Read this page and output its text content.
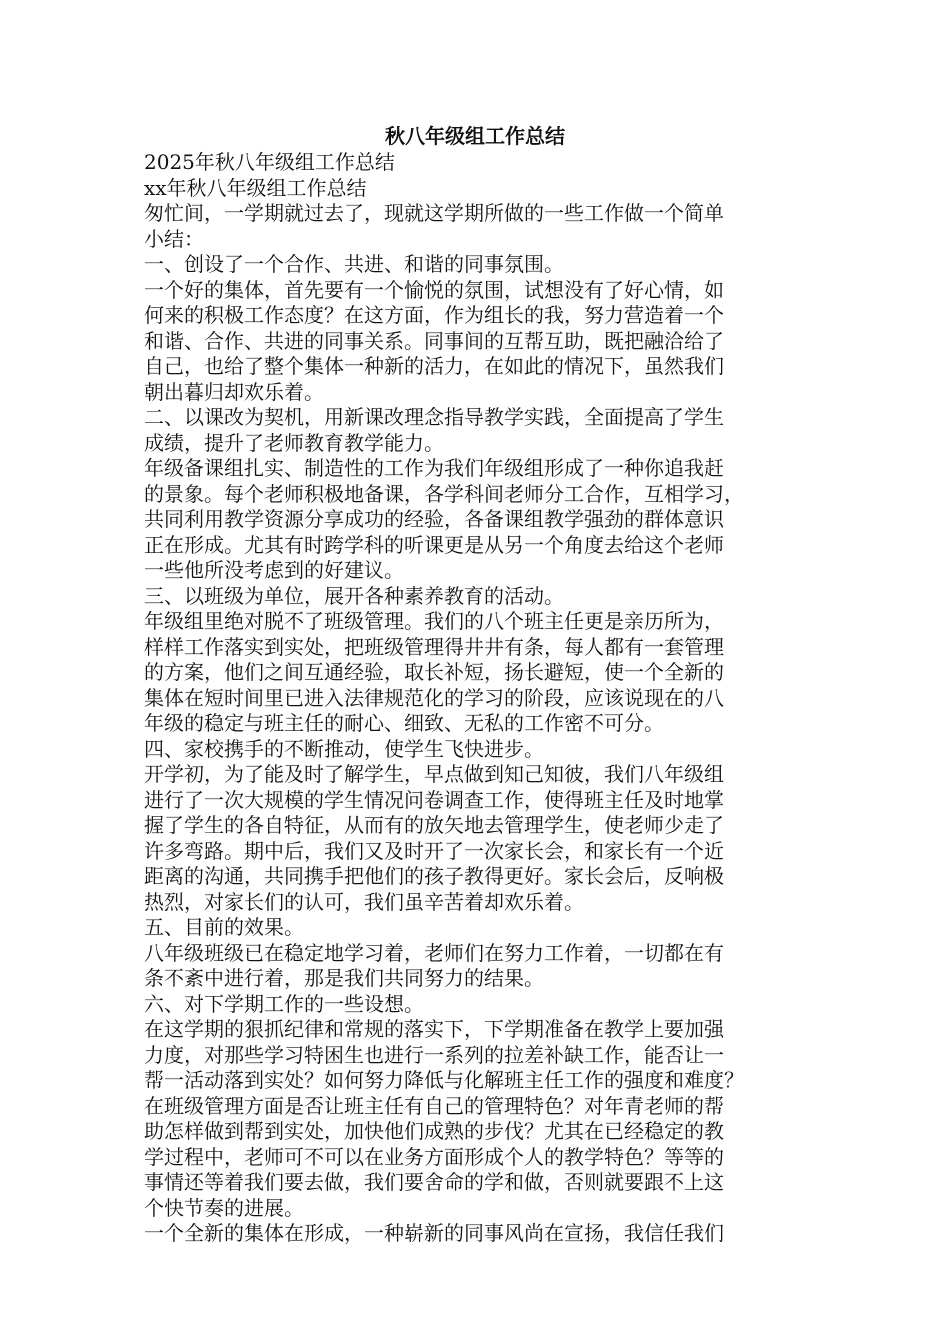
秋八年级组工作总结
2025年秋八年级组工作总结
xx年秋八年级组工作总结
匆忙间，一学期就过去了，现就这学期所做的一些工作做一个简单
小结：
一、创设了一个合作、共进、和谐的同事氛围。
一个好的集体，首先要有一个愉悦的氛围，试想没有了好心情，如
何来的积极工作态度？在这方面，作为组长的我，努力营造着一个
和谐、合作、共进的同事关系。同事间的互帮互助，既把融洽给了
自己，也给了整个集体一种新的活力，在如此的情况下，虽然我们
朝出暮归却欢乐着。
二、以课改为契机，用新课改理念指导教学实践，全面提高了学生
成绩，提升了老师教育教学能力。
年级备课组扎实、制造性的工作为我们年级组形成了一种你追我赶
的景象。每个老师积极地备课，各学科间老师分工合作，互相学习，
共同利用教学资源分享成功的经验，各备课组教学强劲的群体意识
正在形成。尤其有时跨学科的听课更是从另一个角度去给这个老师
一些他所没考虑到的好建议。
三、以班级为单位，展开各种素养教育的活动。
年级组里绝对脱不了班级管理。我们的八个班主任更是亲历所为，
样样工作落实到实处，把班级管理得井井有条，每人都有一套管理
的方案，他们之间互通经验，取长补短，扬长避短，使一个全新的
集体在短时间里已进入法律规范化的学习的阶段，应该说现在的八
年级的稳定与班主任的耐心、细致、无私的工作密不可分。
四、家校携手的不断推动，使学生飞快进步。
开学初，为了能及时了解学生，早点做到知己知彼，我们八年级组
进行了一次大规模的学生情况问卷调查工作，使得班主任及时地掌
握了学生的各自特征，从而有的放矢地去管理学生，使老师少走了
许多弯路。期中后，我们又及时开了一次家长会，和家长有一个近
距离的沟通，共同携手把他们的孩子教得更好。家长会后，反响极
热烈，对家长们的认可，我们虽辛苦着却欢乐着。
五、目前的效果。
八年级班级已在稳定地学习着，老师们在努力工作着，一切都在有
条不紊中进行着，那是我们共同努力的结果。
六、对下学期工作的一些设想。
在这学期的狠抓纪律和常规的落实下，下学期准备在教学上要加强
力度，对那些学习特困生也进行一系列的拉差补缺工作，能否让一
帮一活动落到实处？如何努力降低与化解班主任工作的强度和难度？
在班级管理方面是否让班主任有自己的管理特色？对年青老师的帮
助怎样做到帮到实处，加快他们成熟的步伐？尤其在已经稳定的教
学过程中，老师可不可以在业务方面形成个人的教学特色？等等的
事情还等着我们要去做，我们要舍命的学和做，否则就要跟不上这
个快节奏的进展。
一个全新的集体在形成，一种崭新的同事风尚在宣扬，我信任我们
